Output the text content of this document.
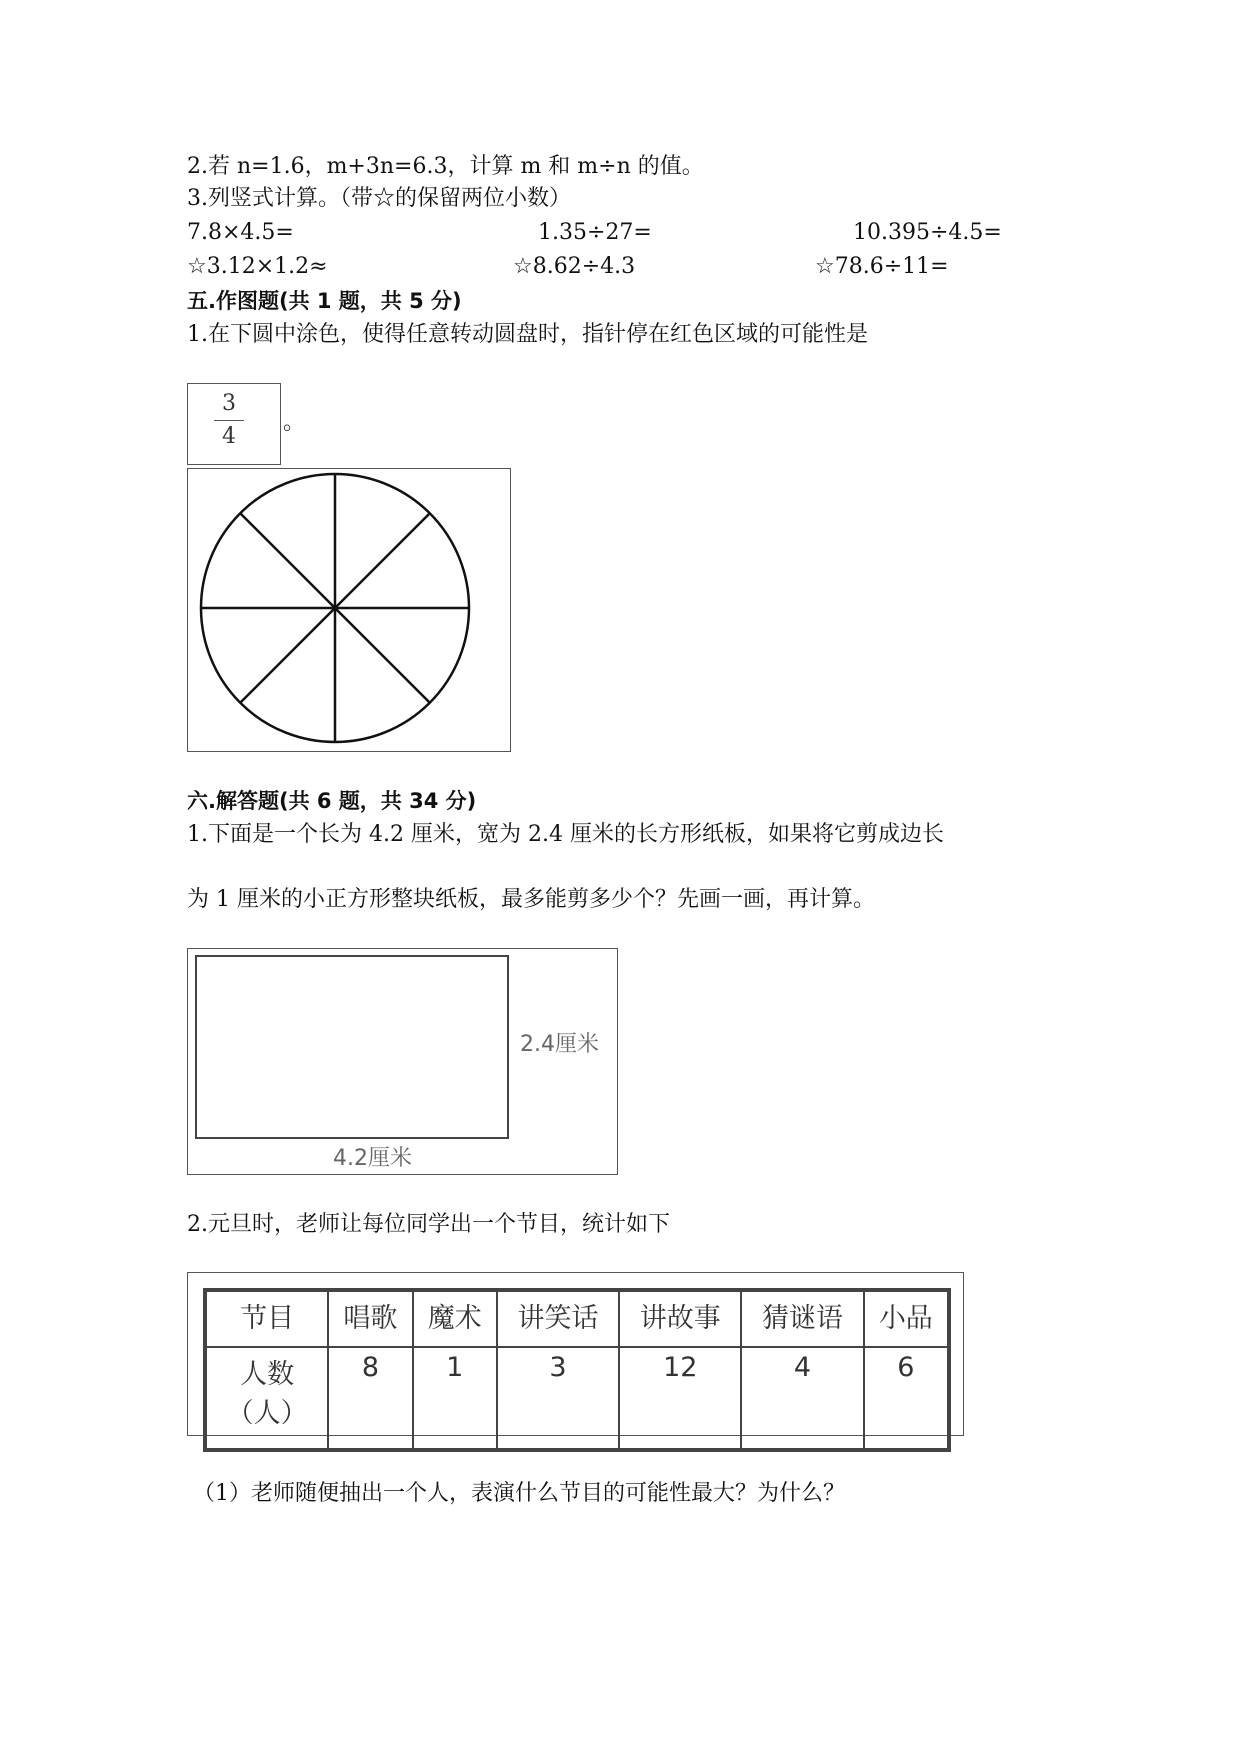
2.若 n=1.6，m+3n=6.3，计算 m 和 m÷n 的值。
3.列竖式计算。（带☆的保留两位小数）
7.8×4.5=	1.35÷27=	10.395÷4.5=
☆3.12×1.2≈	☆8.62÷4.3	☆78.6÷11=
五.作图题(共 1 题，共 5 分)
1.在下圆中涂色，使得任意转动圆盘时，指针停在红色区域的可能性是
3
4
。
六.解答题(共 6 题，共 34 分)
1.下面是一个长为 4.2 厘米，宽为 2.4 厘米的长方形纸板，如果将它剪成边长
为 1 厘米的小正方形整块纸板，最多能剪多少个？先画一画，再计算。
2.4厘米
4.2厘米
2.元旦时，老师让每位同学出一个节目，统计如下
节目	唱歌	魔术	讲笑话	讲故事	猜谜语	小品

人数
（人）	8	1	3	12	4	6
（1）老师随便抽出一个人，表演什么节目的可能性最大？为什么？
